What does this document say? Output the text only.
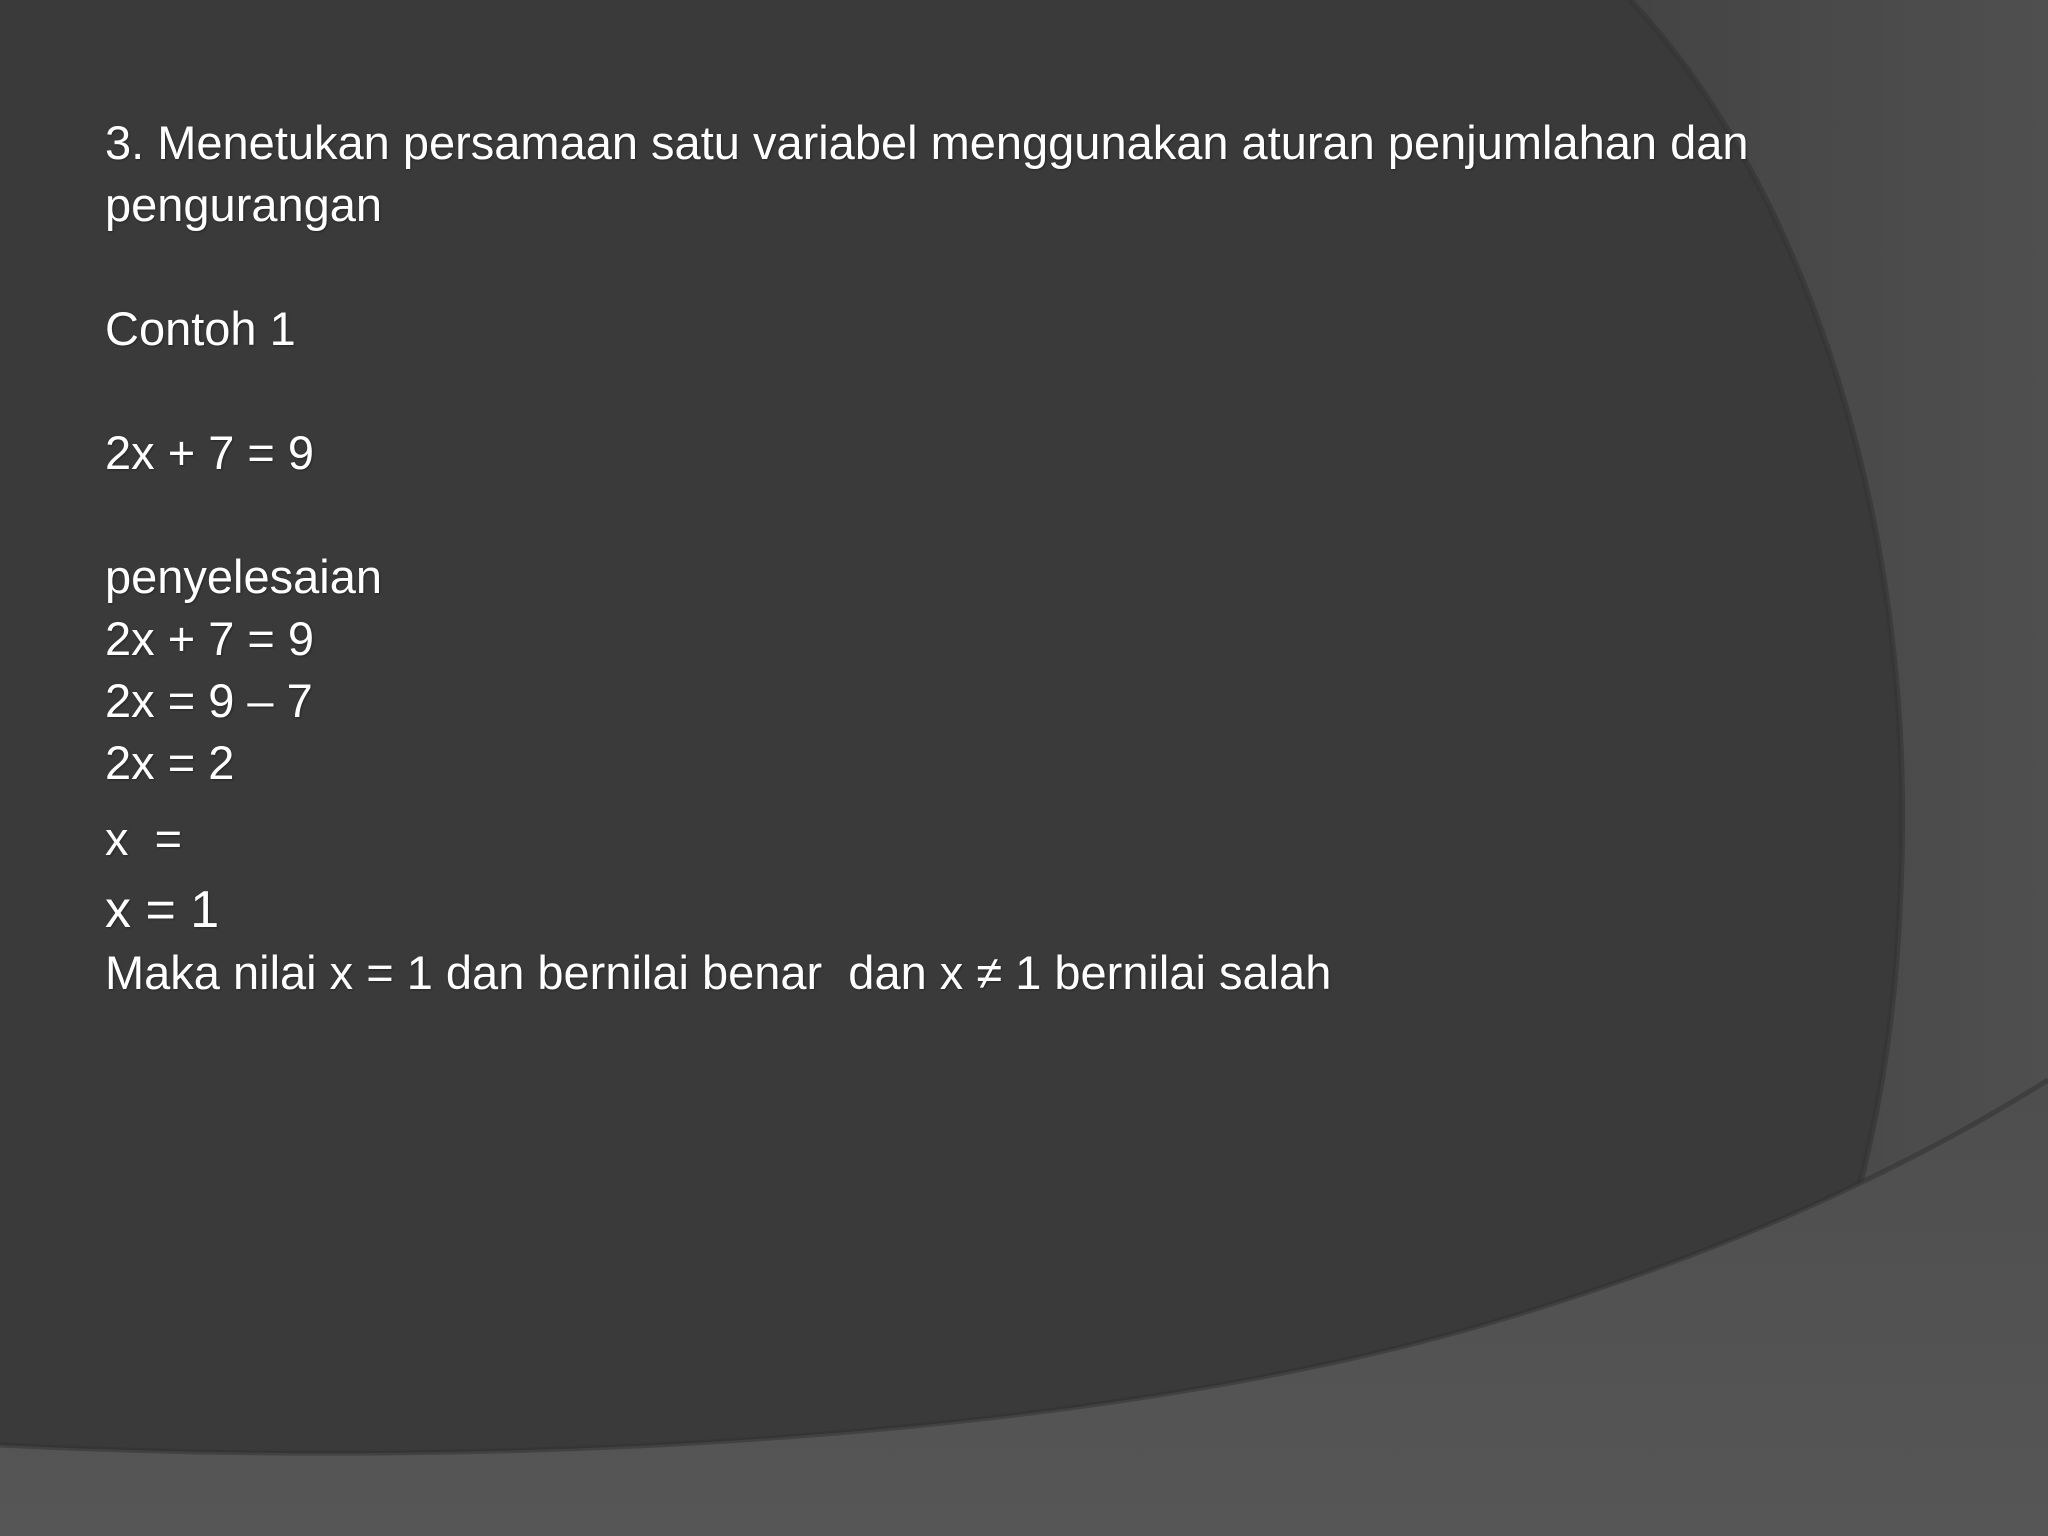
3. Menetukan persamaan satu variabel menggunakan aturan penjumlahan dan pengurangan
Contoh 1
2x + 7 = 9
penyelesaian
2x + 7 = 9
2x = 9 – 7
2x = 2
x  =
x = 1
Maka nilai x = 1 dan bernilai benar  dan x ≠ 1 bernilai salah
